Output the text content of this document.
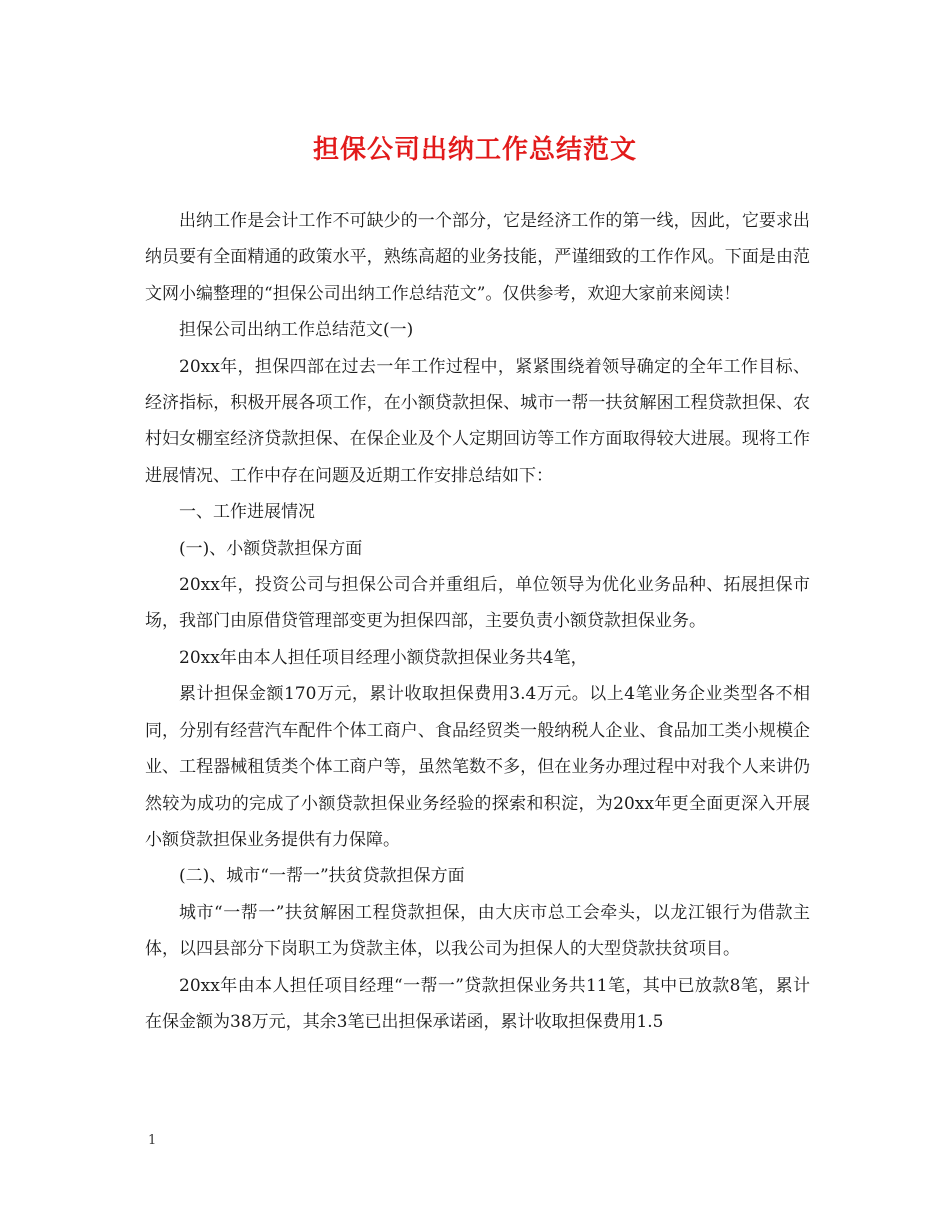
担保公司出纳工作总结范文

出纳工作是会计工作不可缺少的一个部分，它是经济工作的第一线，因此，它要求出纳员要有全面精通的政策水平，熟练高超的业务技能，严谨细致的工作作风。下面是由范文网小编整理的“担保公司出纳工作总结范文”。仅供参考，欢迎大家前来阅读！

担保公司出纳工作总结范文(一)

20xx年，担保四部在过去一年工作过程中，紧紧围绕着领导确定的全年工作目标、经济指标，积极开展各项工作，在小额贷款担保、城市一帮一扶贫解困工程贷款担保、农村妇女棚室经济贷款担保、在保企业及个人定期回访等工作方面取得较大进展。现将工作进展情况、工作中存在问题及近期工作安排总结如下：

一、工作进展情况

(一)、小额贷款担保方面

20xx年，投资公司与担保公司合并重组后，单位领导为优化业务品种、拓展担保市场，我部门由原借贷管理部变更为担保四部，主要负责小额贷款担保业务。

20xx年由本人担任项目经理小额贷款担保业务共4笔，

累计担保金额170万元，累计收取担保费用3.4万元。以上4笔业务企业类型各不相同，分别有经营汽车配件个体工商户、食品经贸类一般纳税人企业、食品加工类小规模企业、工程器械租赁类个体工商户等，虽然笔数不多，但在业务办理过程中对我个人来讲仍然较为成功的完成了小额贷款担保业务经验的探索和积淀，为20xx年更全面更深入开展小额贷款担保业务提供有力保障。

(二)、城市“一帮一”扶贫贷款担保方面

城市“一帮一”扶贫解困工程贷款担保，由大庆市总工会牵头，以龙江银行为借款主体，以四县部分下岗职工为贷款主体，以我公司为担保人的大型贷款扶贫项目。

20xx年由本人担任项目经理“一帮一”贷款担保业务共11笔，其中已放款8笔，累计在保金额为38万元，其余3笔已出担保承诺函，累计收取担保费用1.5

1
